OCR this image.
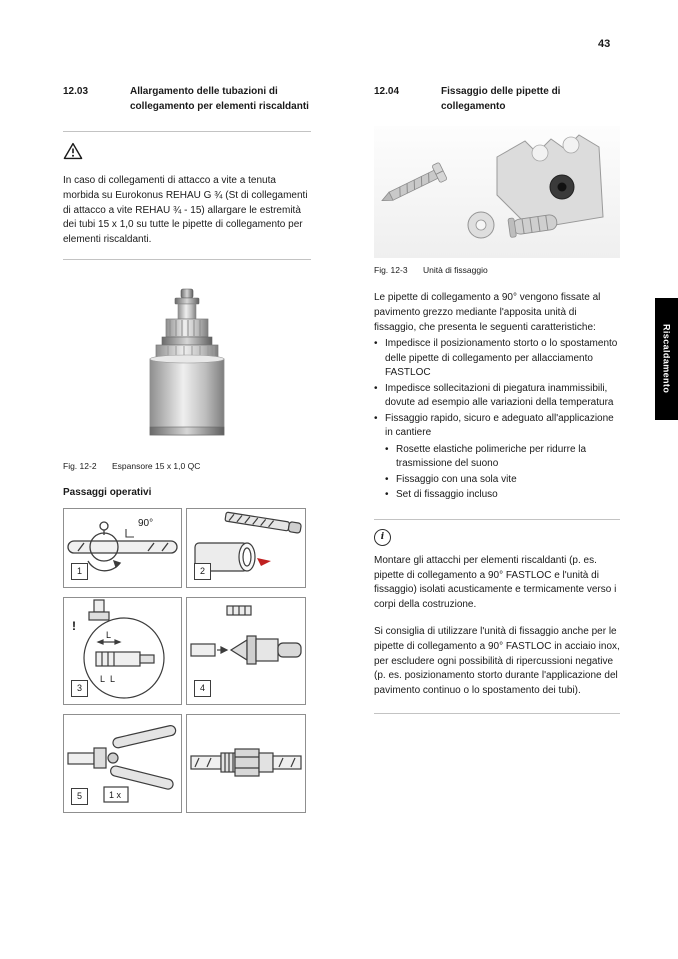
43
Riscaldamento
12.03	Allargamento delle tubazioni di collegamento per elementi riscaldanti

In caso di collegamenti di attacco a vite a tenuta morbida su Eurokonus REHAU G ¾ (St di collegamenti di attacco a vite REHAU ¾ - 15) allargare le estremità dei tubi 15 x 1,0 su tutte le pipette di collegamento per elementi riscaldanti.

Fig. 12-2	Espansore 15 x 1,0 QC
Passaggi operativi
90°
1	2
L
L L
!
3	4
1 x
5
12.04	Fissaggio delle pipette di collegamento
Fig. 12-3	Unità di fissaggio

Le pipette di collegamento a 90° vengono fissate al pavimento grezzo mediante l'apposita unità di fissaggio, che presenta le seguenti caratteristiche:

• Impedisce il posizionamento storto o lo spostamento delle pipette di collegamento per allacciamento FASTLOC
• Impedisce sollecitazioni di piegatura inammissibili, dovute ad esempio alle variazioni della temperatura
• Fissaggio rapido, sicuro e adeguato all'applicazione in cantiere
• Rosette elastiche polimeriche per ridurre la trasmissione del suono
• Fissaggio con una sola vite
• Set di fissaggio incluso
i

Montare gli attacchi per elementi riscaldanti (p. es. pipette di collegamento a 90° FASTLOC e l'unità di fissaggio) isolati acusticamente e termicamente verso i corpi della costruzione.

Si consiglia di utilizzare l'unità di fissaggio anche per le pipette di collegamento a 90° FASTLOC in acciaio inox, per escludere ogni possibilità di ripercussioni negative (p. es. posizionamento storto durante l'applicazione del pavimento continuo o lo spostamento dei tubi).
